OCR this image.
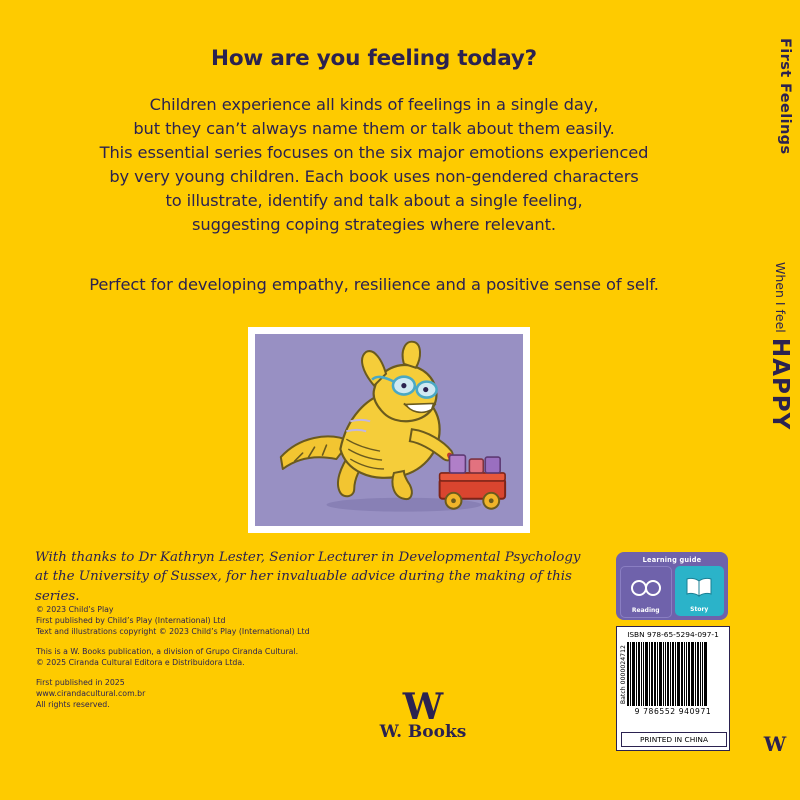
How are you feeling today?
Children experience all kinds of feelings in a single day,
but they can’t always name them or talk about them easily.
This essential series focuses on the six major emotions experienced
by very young children. Each book uses non-gendered characters
to illustrate, identify and talk about a single feeling,
suggesting coping strategies where relevant.
Perfect for developing empathy, resilience and a positive sense of self.
With thanks to Dr Kathryn Lester, Senior Lecturer in Developmental Psychology at the University of Sussex, for her invaluable advice during the making of this series.

© 2023 Child’s Play
First published by Child’s Play (International) Ltd
Text and illustrations copyright © 2023 Child’s Play (International) Ltd

This is a W. Books publication, a division of Grupo Ciranda Cultural.
© 2025 Ciranda Cultural Editora e Distribuidora Ltda.

First published in 2025
www.cirandacultural.com.br
All rights reserved.	W
W. Books
Learning guide
Reading	Story
ISBN 978-65-5294-097-1
Batch 0000024712
9 786552 940971
PRINTED IN CHINA
First Feelings
When I feel HAPPY
W
